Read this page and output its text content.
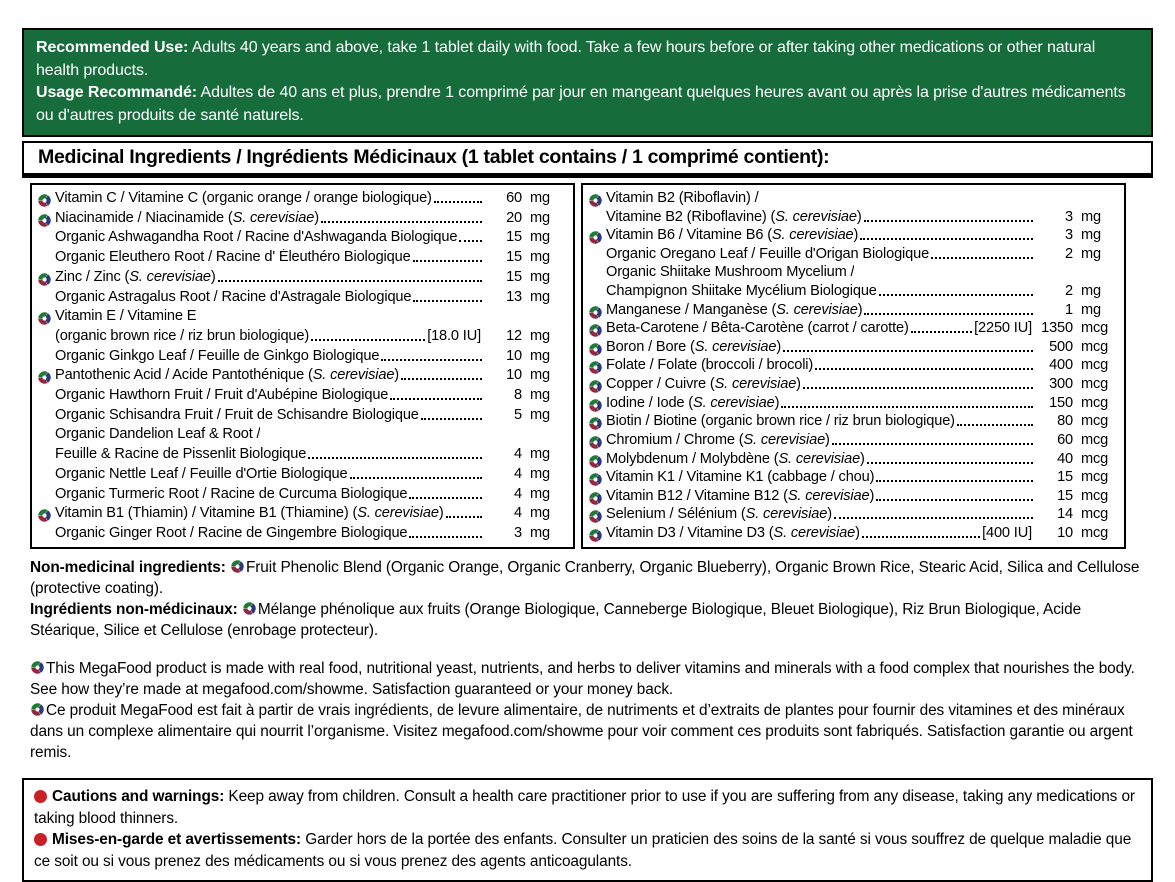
Recommended Use: Adults 40 years and above, take 1 tablet daily with food. Take a few hours before or after taking other medications or other natural health products.
Usage Recommandé: Adultes de 40 ans et plus, prendre 1 comprimé par jour en mangeant quelques heures avant ou après la prise d'autres médicaments ou d'autres produits de santé naturels.
Medicinal Ingredients / Ingrédients Médicinaux (1 tablet contains / 1 comprimé contient):
Vitamin C / Vitamine C (organic orange / orange biologique)	60 mg
Niacinamide / Niacinamide (S. cerevisiae)	20 mg
Organic Ashwagandha Root / Racine d'Ashwaganda Biologique	15 mg
Organic Eleuthero Root / Racine d' Éleuthéro Biologique	15 mg
Zinc / Zinc (S. cerevisiae)	15 mg
Organic Astragalus Root / Racine d'Astragale Biologique	13 mg
Vitamin E / Vitamine E
(organic brown rice / riz brun biologique)	[18.0 IU]	12 mg
Organic Ginkgo Leaf / Feuille de Ginkgo Biologique	10 mg
Pantothenic Acid / Acide Pantothénique (S. cerevisiae)	10 mg
Organic Hawthorn Fruit / Fruit d'Aubépine Biologique	8 mg
Organic Schisandra Fruit / Fruit de Schisandre Biologique	5 mg
Organic Dandelion Leaf & Root /
Feuille & Racine de Pissenlit Biologique	4 mg
Organic Nettle Leaf / Feuille d'Ortie Biologique	4 mg
Organic Turmeric Root / Racine de Curcuma Biologique	4 mg
Vitamin B1 (Thiamin) / Vitamine B1 (Thiamine) (S. cerevisiae)	4 mg
Organic Ginger Root / Racine de Gingembre Biologique	3 mg
Vitamin B2 (Riboflavin) /
Vitamine B2 (Riboflavine) (S. cerevisiae)	3 mg
Vitamin B6 / Vitamine B6 (S. cerevisiae)	3 mg
Organic Oregano Leaf / Feuille d'Origan Biologique	2 mg
Organic Shiitake Mushroom Mycelium /
Champignon Shiitake Mycélium Biologique	2 mg
Manganese / Manganèse (S. cerevisiae)	1 mg
Beta-Carotene / Bêta-Carotène (carrot / carotte)	[2250 IU] 1350 mcg
Boron / Bore (S. cerevisiae)	500 mcg
Folate / Folate (broccoli / brocoli)	400 mcg
Copper / Cuivre (S. cerevisiae)	300 mcg
Iodine / Iode (S. cerevisiae)	150 mcg
Biotin / Biotine (organic brown rice / riz brun biologique)	80 mcg
Chromium / Chrome (S. cerevisiae)	60 mcg
Molybdenum / Molybdène (S. cerevisiae)	40 mcg
Vitamin K1 / Vitamine K1 (cabbage / chou)	15 mcg
Vitamin B12 / Vitamine B12 (S. cerevisiae)	15 mcg
Selenium / Sélénium (S. cerevisiae)	14 mcg
Vitamin D3 / Vitamine D3 (S. cerevisiae)	[400 IU]	10 mcg

Non-medicinal ingredients: Fruit Phenolic Blend (Organic Orange, Organic Cranberry, Organic Blueberry), Organic Brown Rice, Stearic Acid, Silica and Cellulose (protective coating).

Ingrédients non-médicinaux: Mélange phénolique aux fruits (Orange Biologique, Canneberge Biologique, Bleuet Biologique), Riz Brun Biologique, Acide Stéarique, Silice et Cellulose (enrobage protecteur).

This MegaFood product is made with real food, nutritional yeast, nutrients, and herbs to deliver vitamins and minerals with a food complex that nourishes the body. See how they’re made at megafood.com/showme. Satisfaction guaranteed or your money back.

Ce produit MegaFood est fait à partir de vrais ingrédients, de levure alimentaire, de nutriments et d’extraits de plantes pour fournir des vitamines et des minéraux dans un complexe alimentaire qui nourrit l’organisme. Visitez megafood.com/showme pour voir comment ces produits sont fabriqués. Satisfaction garantie ou argent remis.

Cautions and warnings: Keep away from children. Consult a health care practitioner prior to use if you are suffering from any disease, taking any medications or taking blood thinners.

Mises-en-garde et avertissements: Garder hors de la portée des enfants. Consulter un praticien des soins de la santé si vous souffrez de quelque maladie que ce soit ou si vous prenez des médicaments ou si vous prenez des agents anticoagulants.
